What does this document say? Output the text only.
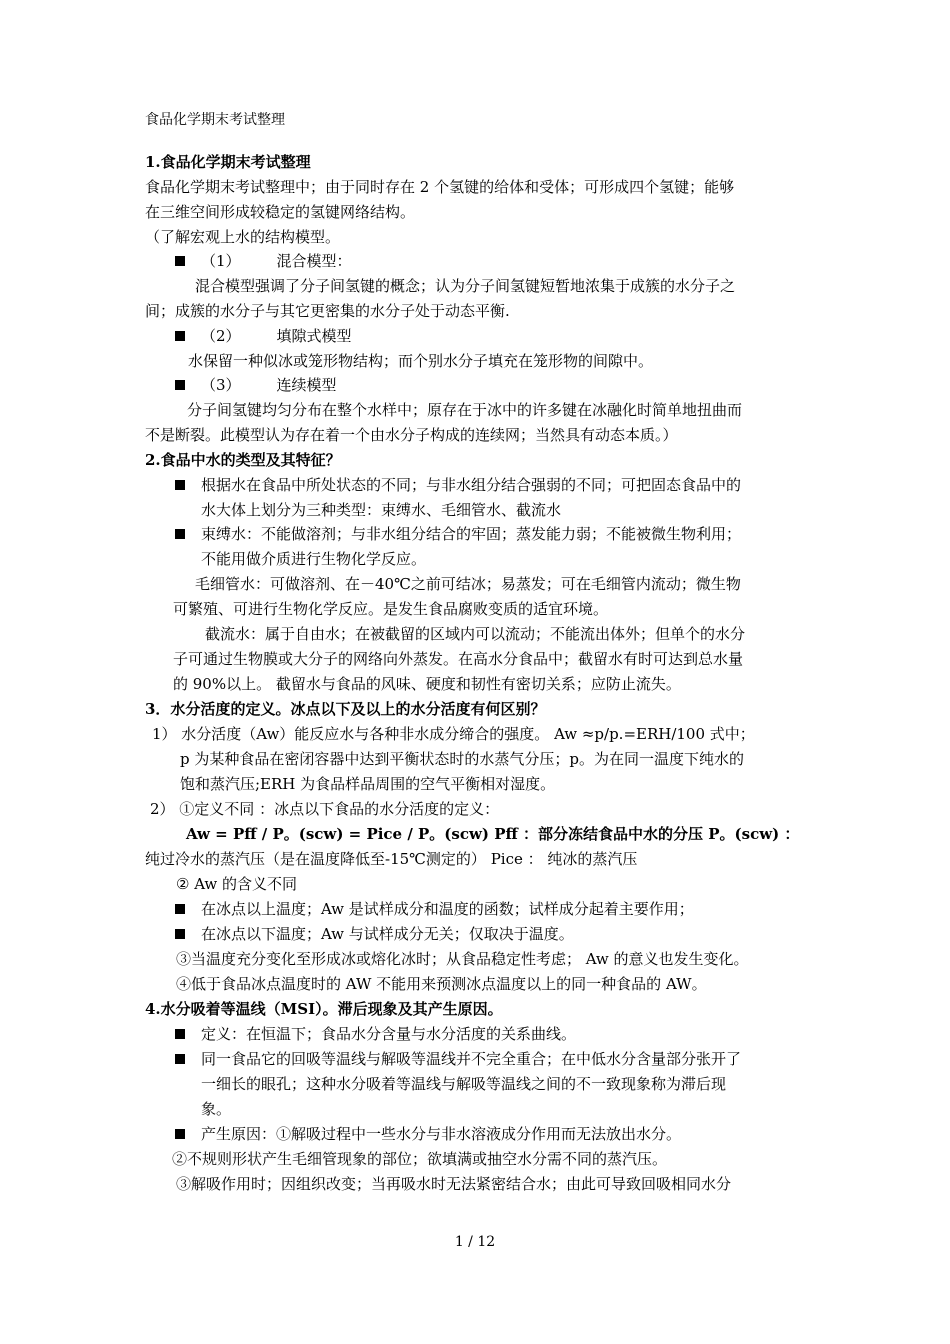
食品化学期末考试整理
1.食品化学期末考试整理
食品化学期末考试整理中；由于同时存在 2 个氢键的给体和受体；可形成四个氢键；能够
在三维空间形成较稳定的氢键网络结构。
（了解宏观上水的结构模型。
（1） 混合模型：
混合模型强调了分子间氢键的概念；认为分子间氢键短暂地浓集于成簇的水分子之
间；成簇的水分子与其它更密集的水分子处于动态平衡.
（2） 填隙式模型
水保留一种似冰或笼形物结构；而个别水分子填充在笼形物的间隙中。
（3） 连续模型
分子间氢键均匀分布在整个水样中；原存在于冰中的许多键在冰融化时简单地扭曲而
不是断裂。此模型认为存在着一个由水分子构成的连续网；当然具有动态本质。）
2.食品中水的类型及其特征？
根据水在食品中所处状态的不同；与非水组分结合强弱的不同；可把固态食品中的
水大体上划分为三种类型：束缚水、毛细管水、截流水
束缚水：不能做溶剂；与非水组分结合的牢固；蒸发能力弱；不能被微生物利用；
不能用做介质进行生物化学反应。
毛细管水：可做溶剂、在－40℃之前可结冰；易蒸发；可在毛细管内流动；微生物
可繁殖、可进行生物化学反应。是发生食品腐败变质的适宜环境。
截流水：属于自由水；在被截留的区域内可以流动；不能流出体外；但单个的水分
子可通过生物膜或大分子的网络向外蒸发。在高水分食品中；截留水有时可达到总水量
的 90%以上。 截留水与食品的风味、硬度和韧性有密切关系；应防止流失。
3．水分活度的定义。冰点以下及以上的水分活度有何区别？
1） 水分活度（Aw）能反应水与各种非水成分缔合的强度。 Aw ≈p/p.=ERH/100 式中；
p 为某种食品在密闭容器中达到平衡状态时的水蒸气分压；p。为在同一温度下纯水的
饱和蒸汽压;ERH 为食品样品周围的空气平衡相对湿度。
2） ①定义不同 ：冰点以下食品的水分活度的定义：
Aw = Pff / P。(scw) = Pice / P。(scw) Pff ：部分冻结食品中水的分压 P。(scw) ：
纯过冷水的蒸汽压（是在温度降低至-15℃测定的） Pice ： 纯冰的蒸汽压
② Aw 的含义不同
在冰点以上温度；Aw 是试样成分和温度的函数；试样成分起着主要作用；
在冰点以下温度；Aw 与试样成分无关；仅取决于温度。
③当温度充分变化至形成冰或熔化冰时；从食品稳定性考虑； Aw 的意义也发生变化。
④低于食品冰点温度时的 AW 不能用来预测冰点温度以上的同一种食品的 AW。
4.水分吸着等温线（MSI）。滞后现象及其产生原因。
定义：在恒温下；食品水分含量与水分活度的关系曲线。
同一食品它的回吸等温线与解吸等温线并不完全重合；在中低水分含量部分张开了
一细长的眼孔；这种水分吸着等温线与解吸等温线之间的不一致现象称为滞后现
象。
产生原因：①解吸过程中一些水分与非水溶液成分作用而无法放出水分。
②不规则形状产生毛细管现象的部位；欲填满或抽空水分需不同的蒸汽压。
③解吸作用时；因组织改变；当再吸水时无法紧密结合水；由此可导致回吸相同水分
1 / 12
